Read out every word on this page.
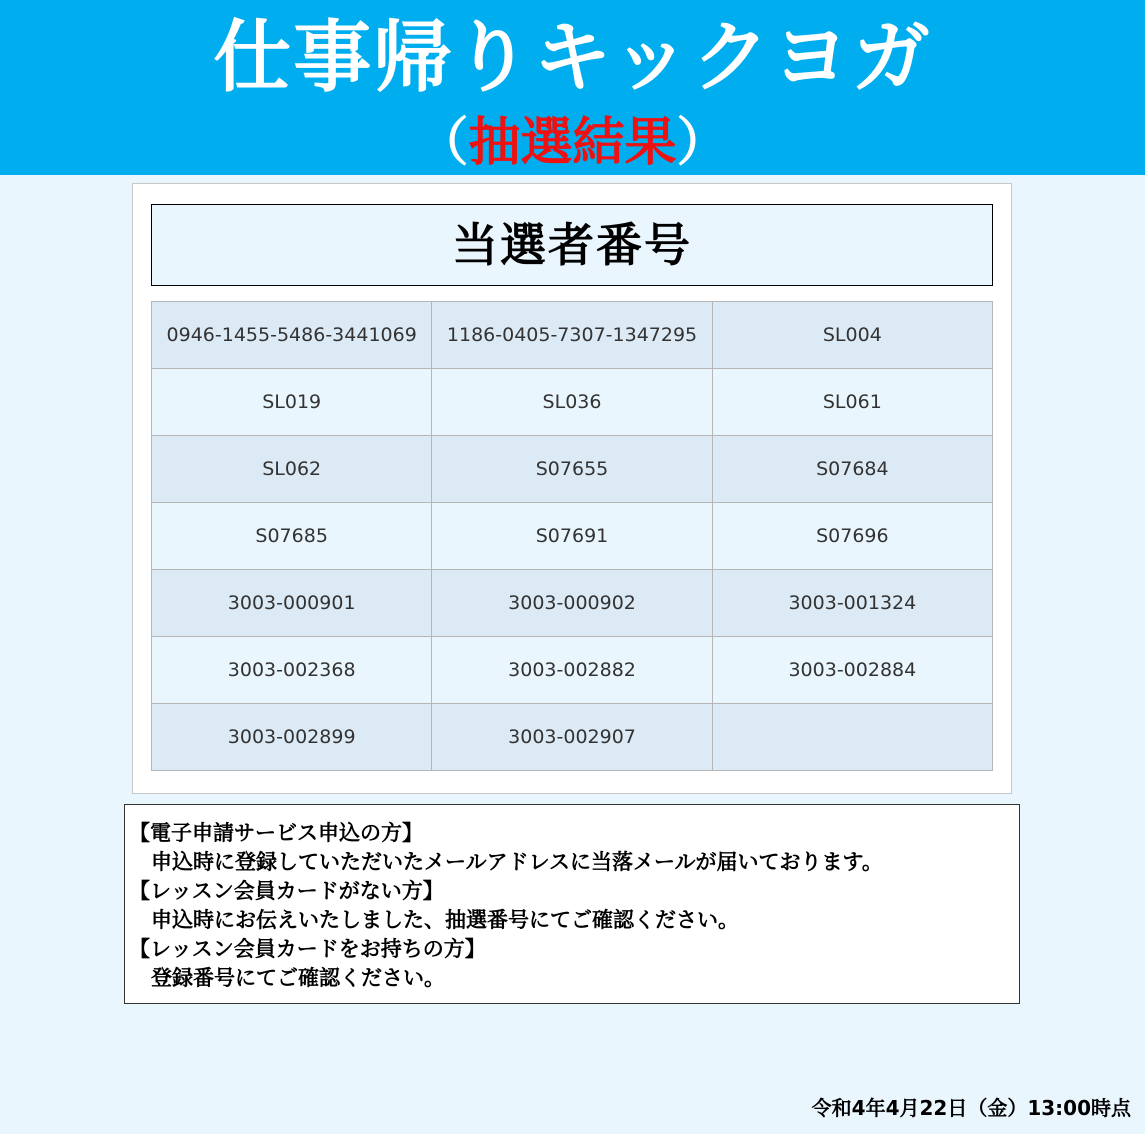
仕事帰りキックヨガ
（抽選結果）
当選者番号
0946-1455-5486-3441069	1186-0405-7307-1347295	SL004
SL019	SL036	SL061
SL062	S07655	S07684
S07685	S07691	S07696
3003-000901	3003-000902	3003-001324
3003-002368	3003-002882	3003-002884
3003-002899	3003-002907	
【電子申請サービス申込の方】
申込時に登録していただいたメールアドレスに当落メールが届いております。
【レッスン会員カードがない方】
申込時にお伝えいたしました、抽選番号にてご確認ください。
【レッスン会員カードをお持ちの方】
登録番号にてご確認ください。
令和4年4月22日（金）13:00時点
